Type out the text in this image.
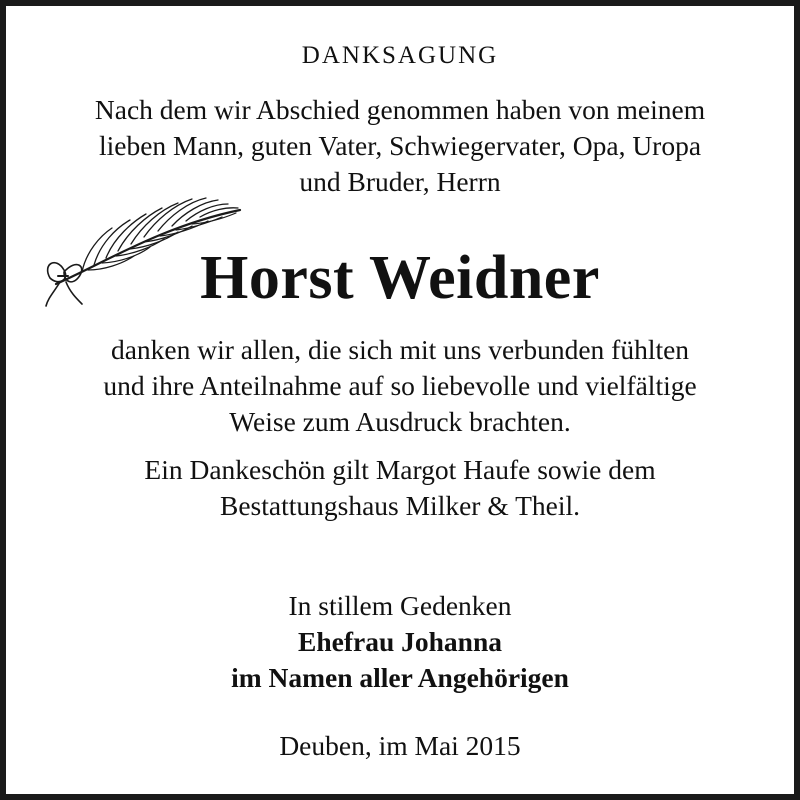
DANKSAGUNG
Nach dem wir Abschied genommen haben von meinem
lieben Mann, guten Vater, Schwiegervater, Opa, Uropa
und Bruder, Herrn
Horst Weidner
danken wir allen, die sich mit uns verbunden fühlten
und ihre Anteilnahme auf so liebevolle und vielfältige
Weise zum Ausdruck brachten.
Ein Dankeschön gilt Margot Haufe sowie dem
Bestattungshaus Milker & Theil.
In stillem Gedenken
Ehefrau Johanna
im Namen aller Angehörigen
Deuben, im Mai 2015
